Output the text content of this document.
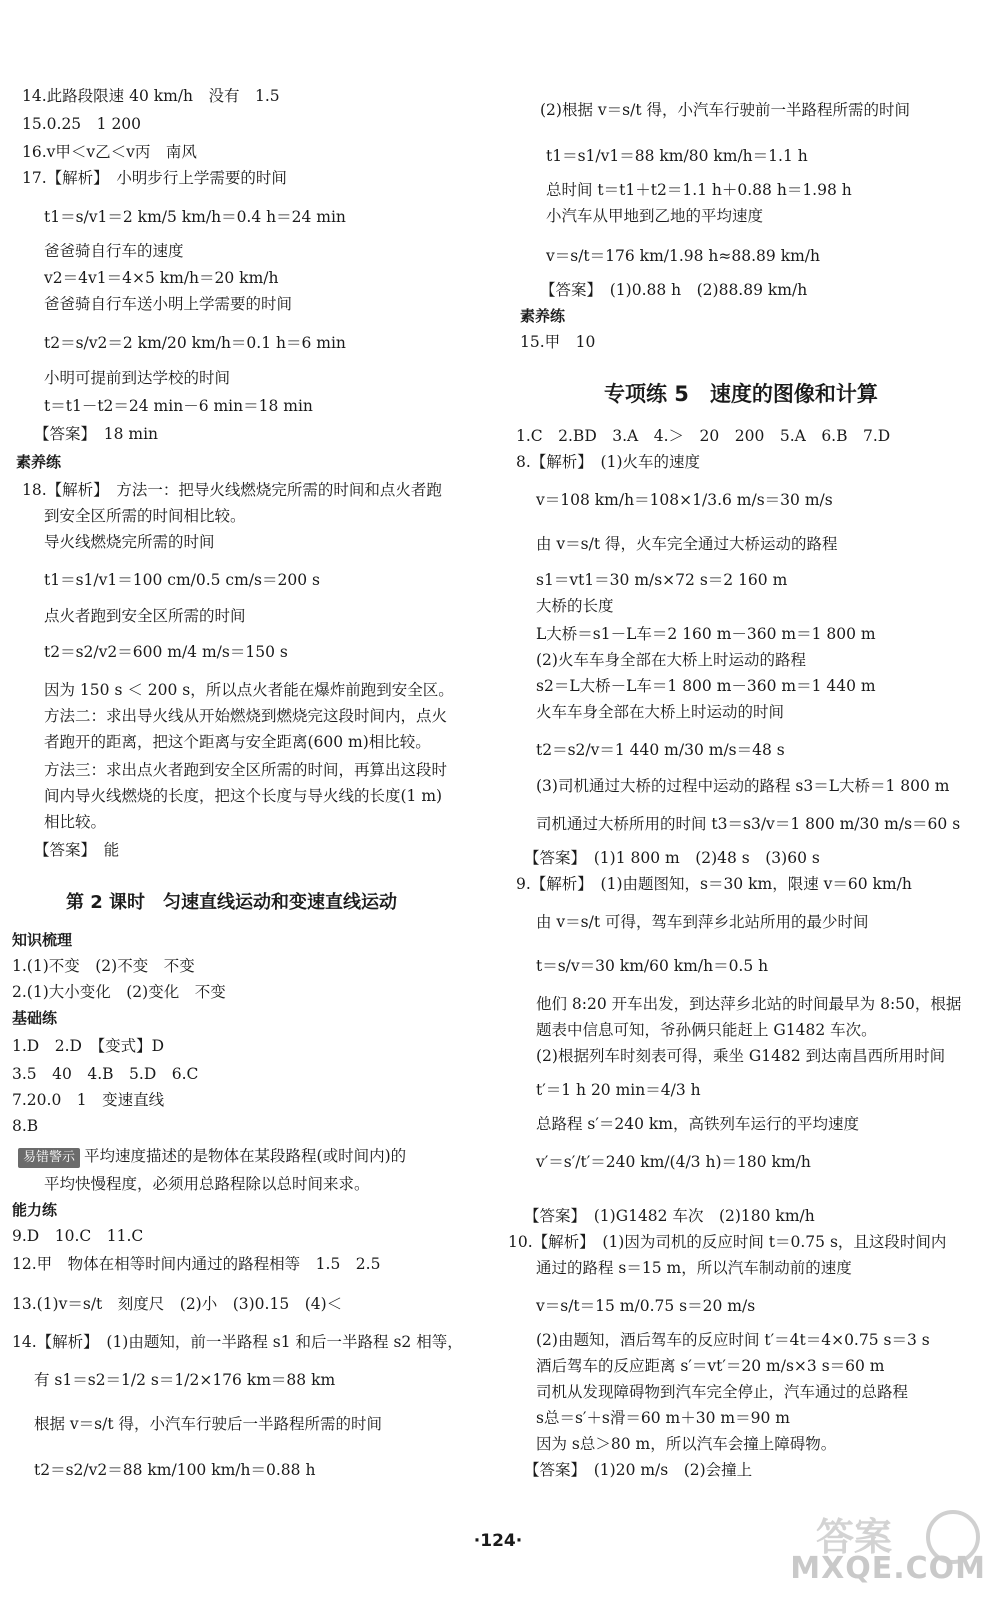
14.此路段限速 40 km/h　没有　1.5
15.0.25　1 200
16.v甲＜v乙＜v丙　南风
17.【解析】　小明步行上学需要的时间
t1＝s/v1＝2 km/5 km/h＝0.4 h＝24 min
爸爸骑自行车的速度
v2＝4v1＝4×5 km/h＝20 km/h
爸爸骑自行车送小明上学需要的时间
t2＝s/v2＝2 km/20 km/h＝0.1 h＝6 min
小明可提前到达学校的时间
t＝t1－t2＝24 min－6 min＝18 min
【答案】　18 min
素养练
18.【解析】　方法一：把导火线燃烧完所需的时间和点火者跑
到安全区所需的时间相比较。
导火线燃烧完所需的时间
t1＝s1/v1＝100 cm/0.5 cm/s＝200 s
点火者跑到安全区所需的时间
t2＝s2/v2＝600 m/4 m/s＝150 s
因为 150 s ＜ 200 s，所以点火者能在爆炸前跑到安全区。
方法二：求出导火线从开始燃烧到燃烧完这段时间内，点火
者跑开的距离，把这个距离与安全距离(600 m)相比较。
方法三：求出点火者跑到安全区所需的时间，再算出这段时
间内导火线燃烧的长度，把这个长度与导火线的长度(1 m)
相比较。
【答案】　能
第 2 课时　匀速直线运动和变速直线运动
知识梳理
1.(1)不变　(2)不变　不变
2.(1)大小变化　(2)变化　不变
基础练
1.D　2.D　【变式】D
3.5　40　4.B　5.D　6.C
7.20.0　1　变速直线
8.B
易错警示 平均速度描述的是物体在某段路程(或时间内)的
平均快慢程度，必须用总路程除以总时间来求。
能力练
9.D　10.C　11.C
12.甲　物体在相等时间内通过的路程相等　1.5　2.5
13.(1)v＝s/t　刻度尺　(2)小　(3)0.15　(4)＜
14.【解析】　(1)由题知，前一半路程 s1 和后一半路程 s2 相等，
有 s1＝s2＝1/2 s＝1/2×176 km＝88 km
根据 v＝s/t 得，小汽车行驶后一半路程所需的时间
t2＝s2/v2＝88 km/100 km/h＝0.88 h
(2)根据 v＝s/t 得，小汽车行驶前一半路程所需的时间
t1＝s1/v1＝88 km/80 km/h＝1.1 h
总时间 t＝t1＋t2＝1.1 h＋0.88 h＝1.98 h
小汽车从甲地到乙地的平均速度
v＝s/t＝176 km/1.98 h≈88.89 km/h
【答案】　(1)0.88 h　(2)88.89 km/h
素养练
15.甲　10
专项练 5　速度的图像和计算
1.C　2.BD　3.A　4.＞　20　200　5.A　6.B　7.D
8.【解析】　(1)火车的速度
v＝108 km/h＝108×1/3.6 m/s＝30 m/s
由 v＝s/t 得，火车完全通过大桥运动的路程
s1＝vt1＝30 m/s×72 s＝2 160 m
大桥的长度
L大桥＝s1－L车＝2 160 m－360 m＝1 800 m
(2)火车车身全部在大桥上时运动的路程
s2＝L大桥－L车＝1 800 m－360 m＝1 440 m
火车车身全部在大桥上时运动的时间
t2＝s2/v＝1 440 m/30 m/s＝48 s
(3)司机通过大桥的过程中运动的路程 s3＝L大桥＝1 800 m
司机通过大桥所用的时间 t3＝s3/v＝1 800 m/30 m/s＝60 s
【答案】　(1)1 800 m　(2)48 s　(3)60 s
9.【解析】　(1)由题图知，s＝30 km，限速 v＝60 km/h
由 v＝s/t 可得，驾车到萍乡北站所用的最少时间
t＝s/v＝30 km/60 km/h＝0.5 h
他们 8:20 开车出发，到达萍乡北站的时间最早为 8:50，根据
题表中信息可知，爷孙俩只能赶上 G1482 车次。
(2)根据列车时刻表可得，乘坐 G1482 到达南昌西所用时间
t′＝1 h 20 min＝4/3 h
总路程 s′＝240 km，高铁列车运行的平均速度
v′＝s′/t′＝240 km/(4/3 h)＝180 km/h
【答案】　(1)G1482 车次　(2)180 km/h
10.【解析】　(1)因为司机的反应时间 t＝0.75 s，且这段时间内
通过的路程 s＝15 m，所以汽车制动前的速度
v＝s/t＝15 m/0.75 s＝20 m/s
(2)由题知，酒后驾车的反应时间 t′＝4t＝4×0.75 s＝3 s
酒后驾车的反应距离 s′＝vt′＝20 m/s×3 s＝60 m
司机从发现障碍物到汽车完全停止，汽车通过的总路程
s总＝s′＋s滑＝60 m＋30 m＝90 m
因为 s总＞80 m，所以汽车会撞上障碍物。
【答案】　(1)20 m/s　(2)会撞上
·124·	答案
MXQE.COM
